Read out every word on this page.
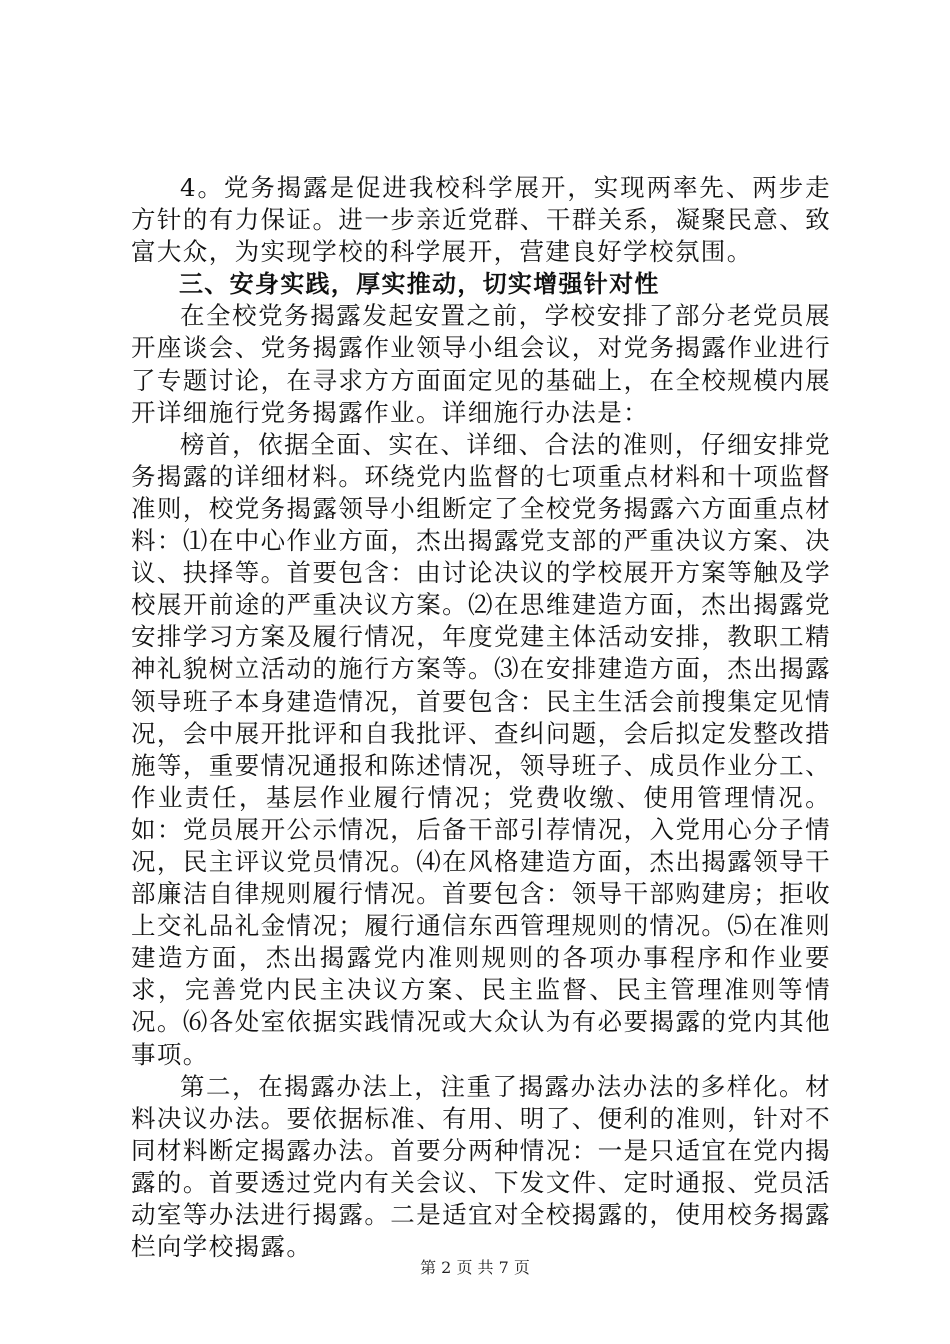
4。党务揭露是促进我校科学展开，实现两率先、两步走方针的有力保证。进一步亲近党群、干群关系，凝聚民意、致富大众，为实现学校的科学展开，营建良好学校氛围。

三、安身实践，厚实推动，切实增强针对性

在全校党务揭露发起安置之前，学校安排了部分老党员展开座谈会、党务揭露作业领导小组会议，对党务揭露作业进行了专题讨论，在寻求方方面面定见的基础上，在全校规模内展开详细施行党务揭露作业。详细施行办法是：

榜首，依据全面、实在、详细、合法的准则，仔细安排党务揭露的详细材料。环绕党内监督的七项重点材料和十项监督准则，校党务揭露领导小组断定了全校党务揭露六方面重点材料：⑴在中心作业方面，杰出揭露党支部的严重决议方案、决议、抉择等。首要包含：由讨论决议的学校展开方案等触及学校展开前途的严重决议方案。⑵在思维建造方面，杰出揭露党安排学习方案及履行情况，年度党建主体活动安排，教职工精神礼貌树立活动的施行方案等。⑶在安排建造方面，杰出揭露领导班子本身建造情况，首要包含：民主生活会前搜集定见情况，会中展开批评和自我批评、查纠问题，会后拟定发整改措施等，重要情况通报和陈述情况，领导班子、成员作业分工、作业责任，基层作业履行情况；党费收缴、使用管理情况。如：党员展开公示情况，后备干部引荐情况，入党用心分子情况，民主评议党员情况。⑷在风格建造方面，杰出揭露领导干部廉洁自律规则履行情况。首要包含：领导干部购建房；拒收上交礼品礼金情况；履行通信东西管理规则的情况。⑸在准则建造方面，杰出揭露党内准则规则的各项办事程序和作业要求，完善党内民主决议方案、民主监督、民主管理准则等情况。⑹各处室依据实践情况或大众认为有必要揭露的党内其他事项。

第二，在揭露办法上，注重了揭露办法办法的多样化。材料决议办法。要依据标准、有用、明了、便利的准则，针对不同材料断定揭露办法。首要分两种情况：一是只适宜在党内揭露的。首要透过党内有关会议、下发文件、定时通报、党员活动室等办法进行揭露。二是适宜对全校揭露的，使用校务揭露栏向学校揭露。

第 2 页 共 7 页
